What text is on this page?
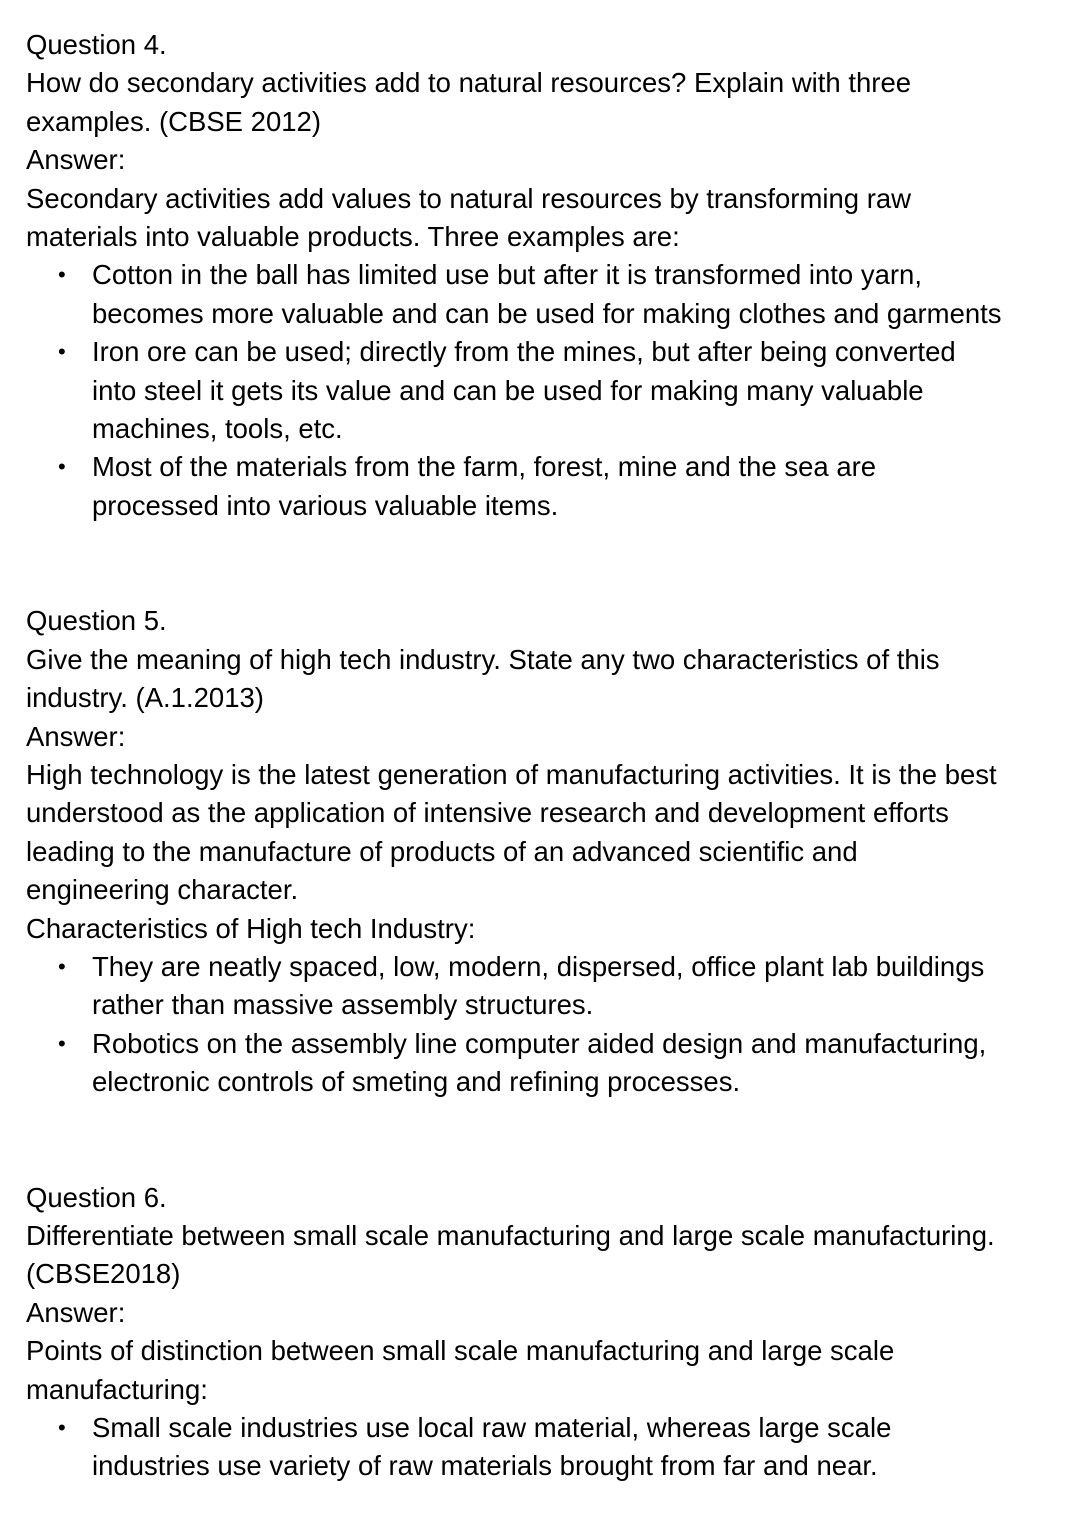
Question 4.
How do secondary activities add to natural resources? Explain with three
examples. (CBSE 2012)
Answer:
Secondary activities add values to natural resources by transforming raw
materials into valuable products. Three examples are:
• Cotton in the ball has limited use but after it is transformed into yarn,
becomes more valuable and can be used for making clothes and garments
• Iron ore can be used; directly from the mines, but after being converted
into steel it gets its value and can be used for making many valuable
machines, tools, etc.
• Most of the materials from the farm, forest, mine and the sea are
processed into various valuable items.
Question 5.
Give the meaning of high tech industry. State any two characteristics of this
industry. (A.1.2013)
Answer:
High technology is the latest generation of manufacturing activities. It is the best
understood as the application of intensive research and development efforts
leading to the manufacture of products of an advanced scientific and
engineering character.
Characteristics of High tech Industry:
• They are neatly spaced, low, modern, dispersed, office plant lab buildings
rather than massive assembly structures.
• Robotics on the assembly line computer aided design and manufacturing,
electronic controls of smeting and refining processes.
Question 6.
Differentiate between small scale manufacturing and large scale manufacturing.
(CBSE2018)
Answer:
Points of distinction between small scale manufacturing and large scale
manufacturing:
• Small scale industries use local raw material, whereas large scale
industries use variety of raw materials brought from far and near.
